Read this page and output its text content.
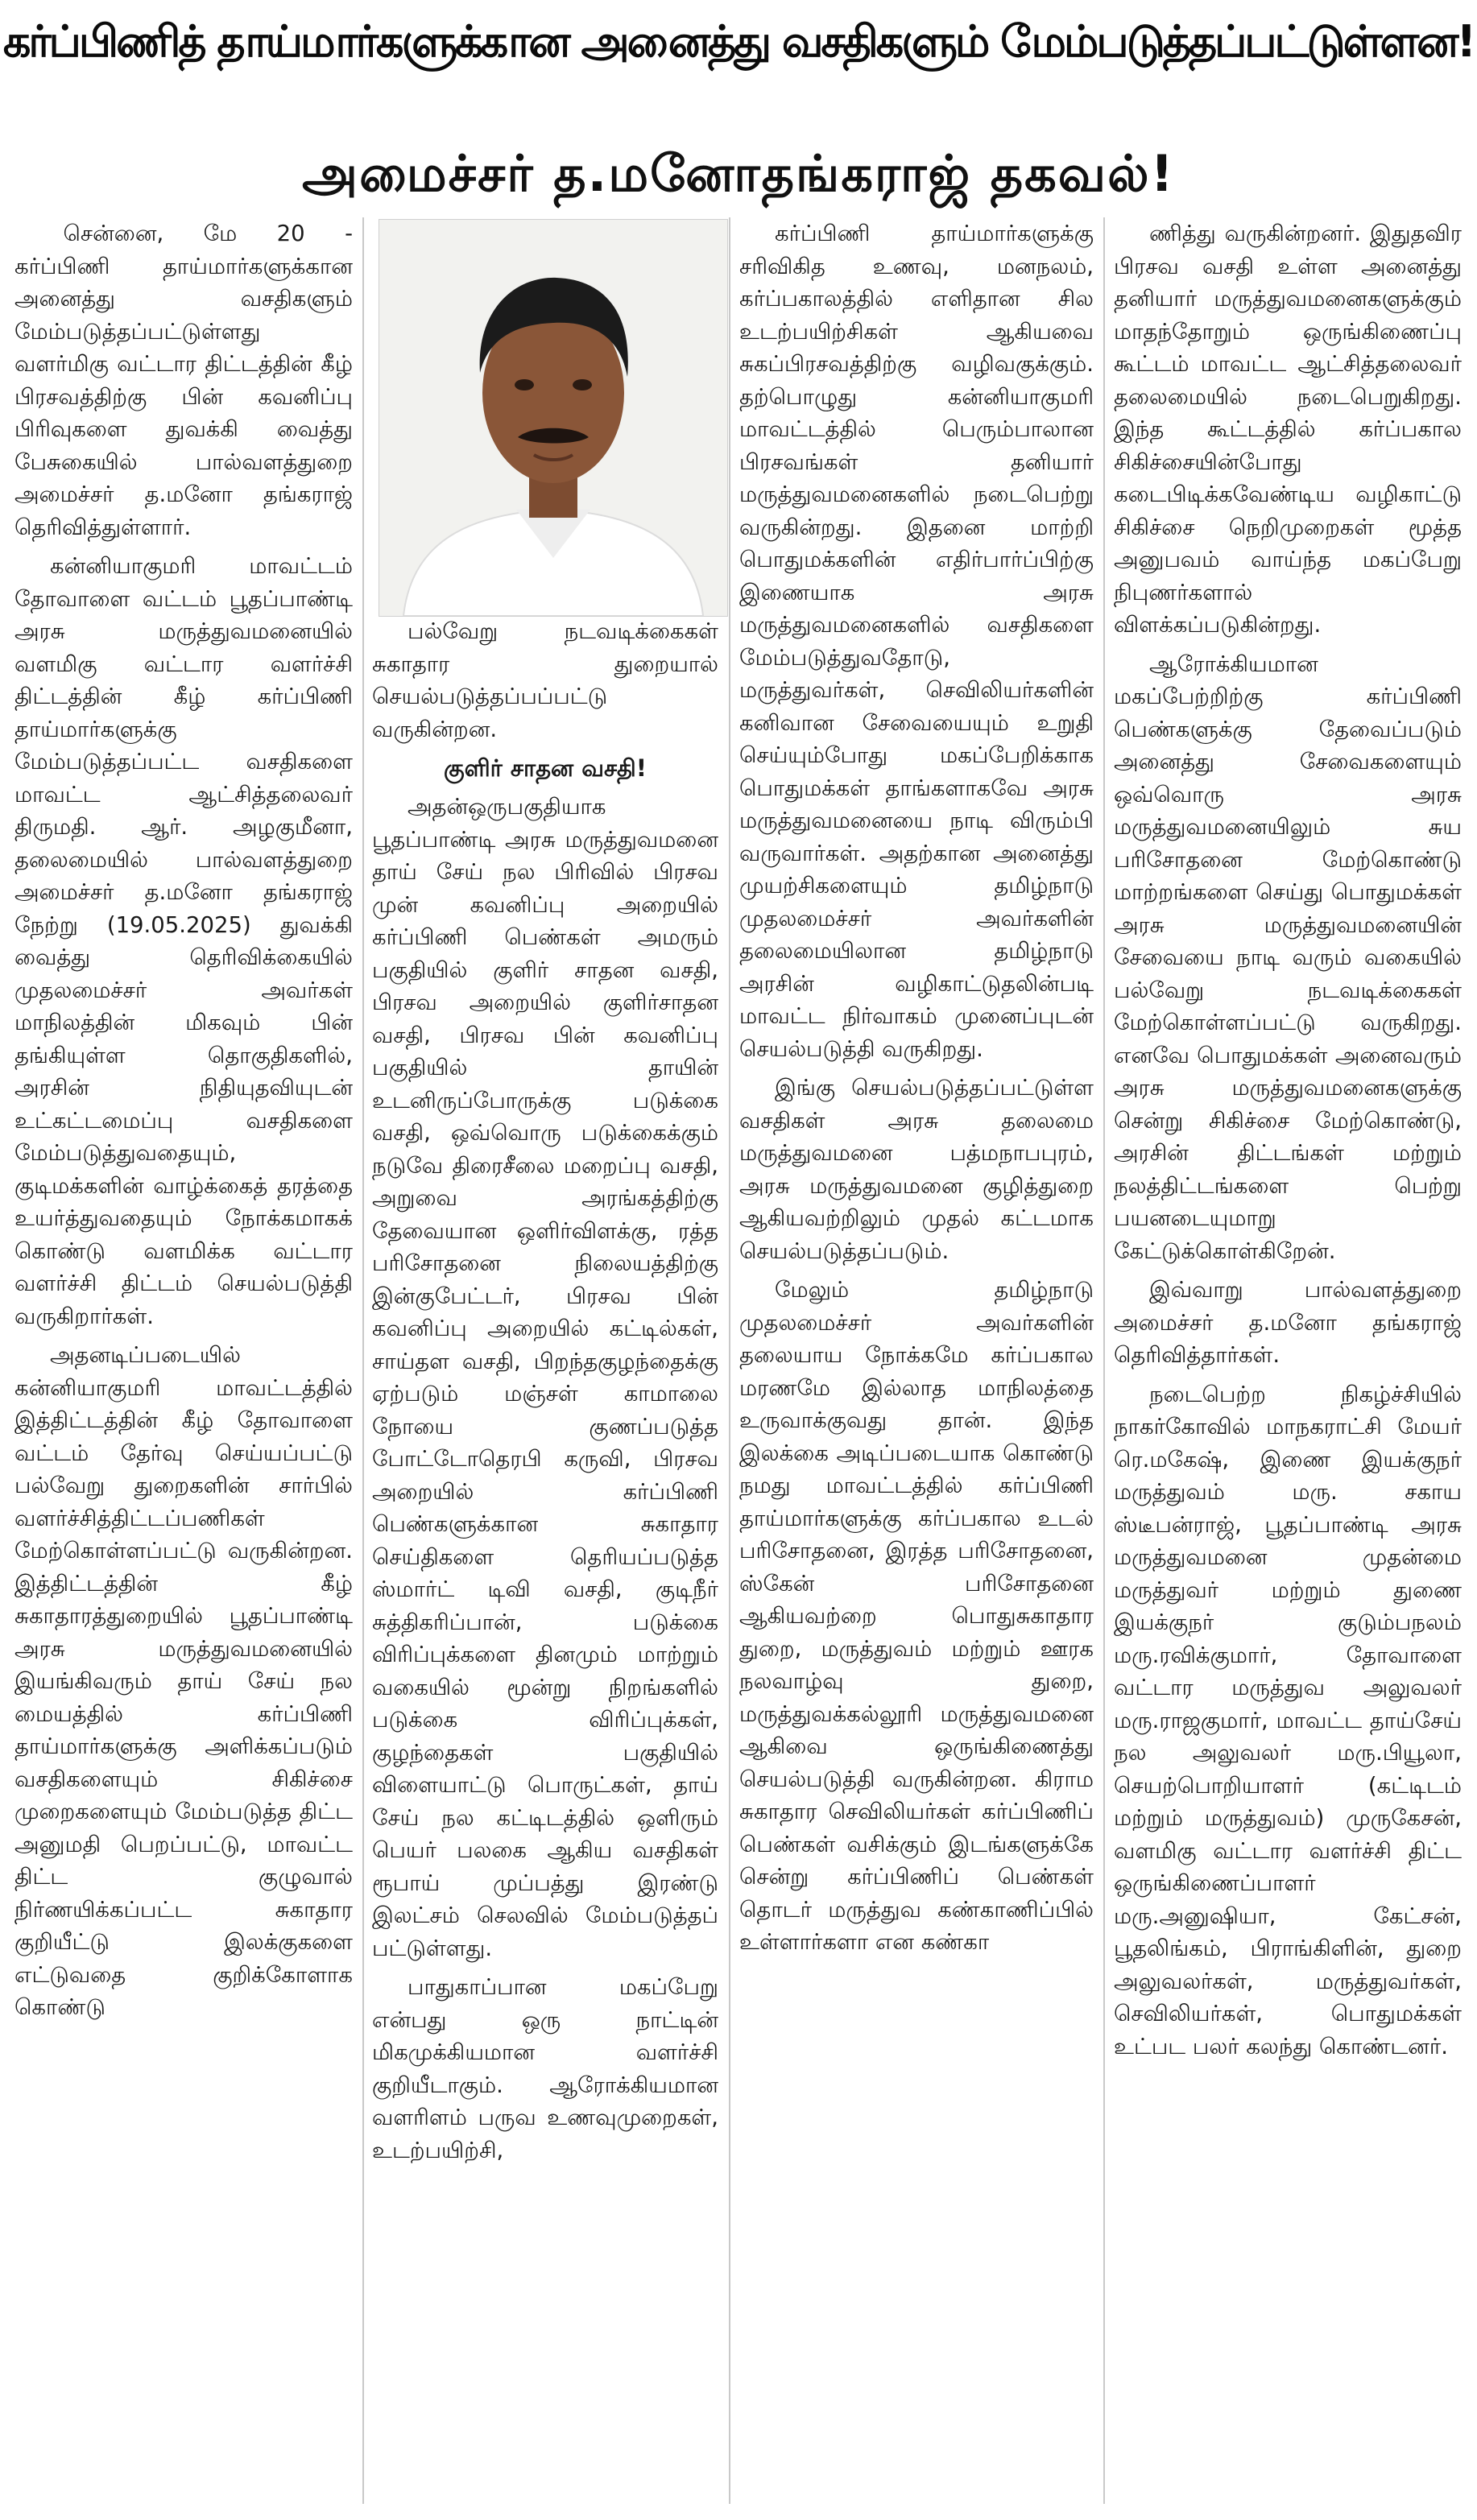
கர்ப்பிணித் தாய்மார்களுக்கான அனைத்து வசதிகளும் மேம்படுத்தப்பட்டுள்ளன!
அமைச்சர் த.மனோதங்கராஜ் தகவல்!

சென்னை, மே 20 - கர்ப்பிணி தாய்மார்களுக்கான அனைத்து வசதிகளும் மேம்படுத்தப்பட்டுள்ளது வளர்மிகு வட்டார திட்டத்தின் கீழ் பிரசவத்திற்கு பின் கவனிப்பு பிரிவுகளை துவக்கி வைத்து பேசுகையில் பால்வளத்துறை அமைச்சர் த.மனோ தங்கராஜ் தெரிவித்துள்ளார்.

கன்னியாகுமரி மாவட்டம் தோவாளை வட்டம் பூதப்பாண்டி அரசு மருத்துவமனையில் வளமிகு வட்டார வளர்ச்சி திட்டத்தின் கீழ் கர்ப்பிணி தாய்மார்களுக்கு மேம்படுத்தப்பட்ட வசதிகளை மாவட்ட ஆட்சித்தலைவர் திருமதி. ஆர். அழகுமீனா, தலைமையில் பால்வளத்துறை அமைச்சர் த.மனோ தங்கராஜ் நேற்று (19.05.2025) துவக்கி வைத்து தெரிவிக்கையில் முதலமைச்சர் அவர்கள் மாநிலத்தின் மிகவும் பின் தங்கியுள்ள தொகுதிகளில், அரசின் நிதியுதவியுடன் உட்கட்டமைப்பு வசதிகளை மேம்படுத்துவதையும், குடிமக்களின் வாழ்க்கைத் தரத்தை உயர்த்துவதையும் நோக்கமாகக் கொண்டு வளமிக்க வட்டார வளர்ச்சி திட்டம் செயல்படுத்தி வருகிறார்கள்.

அதனடிப்படையில் கன்னியாகுமரி மாவட்டத்தில் இத்திட்டத்தின் கீழ் தோவாளை வட்டம் தேர்வு செய்யப்பட்டு பல்வேறு துறைகளின் சார்பில் வளர்ச்சித்திட்டப்பணிகள் மேற்கொள்ளப்பட்டு வருகின்றன. இத்திட்டத்தின் கீழ் சுகாதாரத்துறையில் பூதப்பாண்டி அரசு மருத்துவமனையில் இயங்கிவரும் தாய் சேய் நல மையத்தில் கர்ப்பிணி தாய்மார்களுக்கு அளிக்கப்படும் வசதிகளையும் சிகிச்சை முறைகளையும் மேம்படுத்த திட்ட அனுமதி பெறப்பட்டு, மாவட்ட திட்ட குழுவால் நிர்ணயிக்கப்பட்ட சுகாதார குறியீட்டு இலக்குகளை எட்டுவதை குறிக்கோளாக கொண்டு

பல்வேறு நடவடிக்கைகள் சுகாதார துறையால் செயல்படுத்தப்பப்பட்டு வருகின்றன.

குளிர் சாதன வசதி!

அதன்ஒருபகுதியாக பூதப்பாண்டி அரசு மருத்துவமனை தாய் சேய் நல பிரிவில் பிரசவ முன் கவனிப்பு அறையில் கர்ப்பிணி பெண்கள் அமரும் பகுதியில் குளிர் சாதன வசதி, பிரசவ அறையில் குளிர்சாதன வசதி, பிரசவ பின் கவனிப்பு பகுதியில் தாயின் உடனிருப்போருக்கு படுக்கை வசதி, ஒவ்வொரு படுக்கைக்கும் நடுவே திரைசீலை மறைப்பு வசதி, அறுவை அரங்கத்திற்கு தேவையான ஒளிர்விளக்கு, ரத்த பரிசோதனை நிலையத்திற்கு இன்குபேட்டர், பிரசவ பின் கவனிப்பு அறையில் கட்டில்கள், சாய்தள வசதி, பிறந்தகுழந்தைக்கு ஏற்படும் மஞ்சள் காமாலை நோயை குணப்படுத்த போட்டோதெரபி கருவி, பிரசவ அறையில் கர்ப்பிணி பெண்களுக்கான சுகாதார செய்திகளை தெரியப்படுத்த ஸ்மார்ட் டிவி வசதி, குடிநீர் சுத்திகரிப்பான், படுக்கை விரிப்புக்களை தினமும் மாற்றும் வகையில் மூன்று நிறங்களில் படுக்கை விரிப்புக்கள், குழந்தைகள் பகுதியில் விளையாட்டு பொருட்கள், தாய் சேய் நல கட்டிடத்தில் ஒளிரும் பெயர் பலகை ஆகிய வசதிகள் ரூபாய் முப்பத்து இரண்டு இலட்சம் செலவில் மேம்படுத்தப் பட்டுள்ளது.

பாதுகாப்பான மகப்பேறு என்பது ஒரு நாட்டின் மிகமுக்கியமான வளர்ச்சி குறியீடாகும். ஆரோக்கியமான வளரிளம் பருவ உணவுமுறைகள், உடற்பயிற்சி,

கர்ப்பிணி தாய்மார்களுக்கு சரிவிகித உணவு, மனநலம், கர்ப்பகாலத்தில் எளிதான சில உடற்பயிற்சிகள் ஆகியவை சுகப்பிரசவத்திற்கு வழிவகுக்கும். தற்பொழுது கன்னியாகுமரி மாவட்டத்தில் பெரும்பாலான பிரசவங்கள் தனியார் மருத்துவமனைகளில் நடைபெற்று வருகின்றது. இதனை மாற்றி பொதுமக்களின் எதிர்பார்ப்பிற்கு இணையாக அரசு மருத்துவமனைகளில் வசதிகளை மேம்படுத்துவதோடு, மருத்துவர்கள், செவிலியர்களின் கனிவான சேவையையும் உறுதி செய்யும்போது மகப்பேறிக்காக பொதுமக்கள் தாங்களாகவே அரசு மருத்துவமனையை நாடி விரும்பி வருவார்கள். அதற்கான அனைத்து முயற்சிகளையும் தமிழ்நாடு முதலமைச்சர் அவர்களின் தலைமையிலான தமிழ்நாடு அரசின் வழிகாட்டுதலின்படி மாவட்ட நிர்வாகம் முனைப்புடன் செயல்படுத்தி வருகிறது.

இங்கு செயல்படுத்தப்பட்டுள்ள வசதிகள் அரசு தலைமை மருத்துவமனை பத்மநாபபுரம், அரசு மருத்துவமனை குழித்துறை ஆகியவற்றிலும் முதல் கட்டமாக செயல்படுத்தப்படும்.

மேலும் தமிழ்நாடு முதலமைச்சர் அவர்களின் தலையாய நோக்கமே கர்ப்பகால மரணமே இல்லாத மாநிலத்தை உருவாக்குவது தான். இந்த இலக்கை அடிப்படையாக கொண்டு நமது மாவட்டத்தில் கர்ப்பிணி தாய்மார்களுக்கு கர்ப்பகால உடல் பரிசோதனை, இரத்த பரிசோதனை, ஸ்கேன் பரிசோதனை ஆகியவற்றை பொதுசுகாதார துறை, மருத்துவம் மற்றும் ஊரக நலவாழ்வு துறை, மருத்துவக்கல்லூரி மருத்துவமனை ஆகிவை ஒருங்கிணைத்து செயல்படுத்தி வருகின்றன. கிராம சுகாதார செவிலியர்கள் கர்ப்பிணிப் பெண்கள் வசிக்கும் இடங்களுக்கே சென்று கர்ப்பிணிப் பெண்கள் தொடர் மருத்துவ கண்காணிப்பில் உள்ளார்களா என கண்கா

ணித்து வருகின்றனர். இதுதவிர பிரசவ வசதி உள்ள அனைத்து தனியார் மருத்துவமனைகளுக்கும் மாதந்தோறும் ஒருங்கிணைப்பு கூட்டம் மாவட்ட ஆட்சித்தலைவர் தலைமையில் நடைபெறுகிறது. இந்த கூட்டத்தில் கர்ப்பகால சிகிச்சையின்போது கடைபிடிக்கவேண்டிய வழிகாட்டு சிகிச்சை நெறிமுறைகள் மூத்த அனுபவம் வாய்ந்த மகப்பேறு நிபுணர்களால் விளக்கப்படுகின்றது.

ஆரோக்கியமான மகப்பேற்றிற்கு கர்ப்பிணி பெண்களுக்கு தேவைப்படும் அனைத்து சேவைகளையும் ஒவ்வொரு அரசு மருத்துவமனையிலும் சுய பரிசோதனை மேற்கொண்டு மாற்றங்களை செய்து பொதுமக்கள் அரசு மருத்துவமனையின் சேவையை நாடி வரும் வகையில் பல்வேறு நடவடிக்கைகள் மேற்கொள்ளப்பட்டு வருகிறது. எனவே பொதுமக்கள் அனைவரும் அரசு மருத்துவமனைகளுக்கு சென்று சிகிச்சை மேற்கொண்டு, அரசின் திட்டங்கள் மற்றும் நலத்திட்டங்களை பெற்று பயனடையுமாறு கேட்டுக்கொள்கிறேன்.

இவ்வாறு பால்வளத்துறை அமைச்சர் த.மனோ தங்கராஜ் தெரிவித்தார்கள்.

நடைபெற்ற நிகழ்ச்சியில் நாகர்கோவில் மாநகராட்சி மேயர் ரெ.மகேஷ், இணை இயக்குநர் மருத்துவம் மரு. சகாய ஸ்டீபன்ராஜ், பூதப்பாண்டி அரசு மருத்துவமனை முதன்மை மருத்துவர் மற்றும் துணை இயக்குநர் குடும்பநலம் மரு.ரவிக்குமார், தோவாளை வட்டார மருத்துவ அலுவலர் மரு.ராஜகுமார், மாவட்ட தாய்சேய் நல அலுவலர் மரு.பியூலா, செயற்பொறியாளர் (கட்டிடம் மற்றும் மருத்துவம்) முருகேசன், வளமிகு வட்டார வளர்ச்சி திட்ட ஒருங்கிணைப்பாளர் மரு.அனுஷியா, கேட்சன், பூதலிங்கம், பிராங்கிளின், துறை அலுவலர்கள், மருத்துவர்கள், செவிலியர்கள், பொதுமக்கள் உட்பட பலர் கலந்து கொண்டனர்.
